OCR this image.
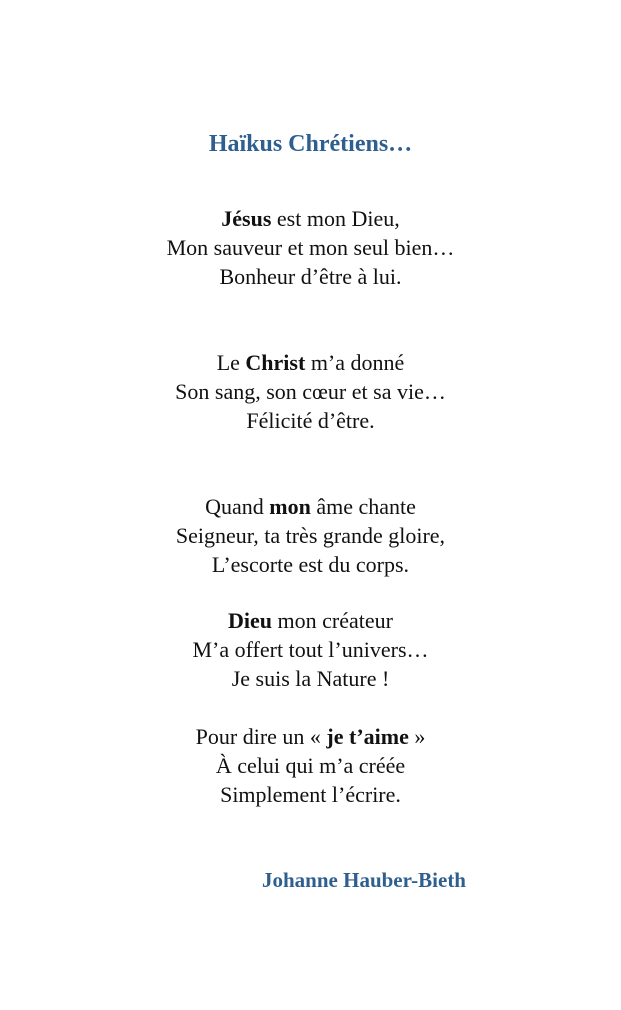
Haïkus Chrétiens…
Jésus est mon Dieu,
Mon sauveur et mon seul bien…
Bonheur d’être à lui.
Le Christ m’a donné
Son sang, son cœur et sa vie…
Félicité d’être.
Quand mon âme chante
Seigneur, ta très grande gloire,
L’escorte est du corps.
Dieu mon créateur
M’a offert tout l’univers…
Je suis la Nature !
Pour dire un « je t’aime »
À celui qui m’a créée
Simplement l’écrire.
Johanne Hauber-Bieth
